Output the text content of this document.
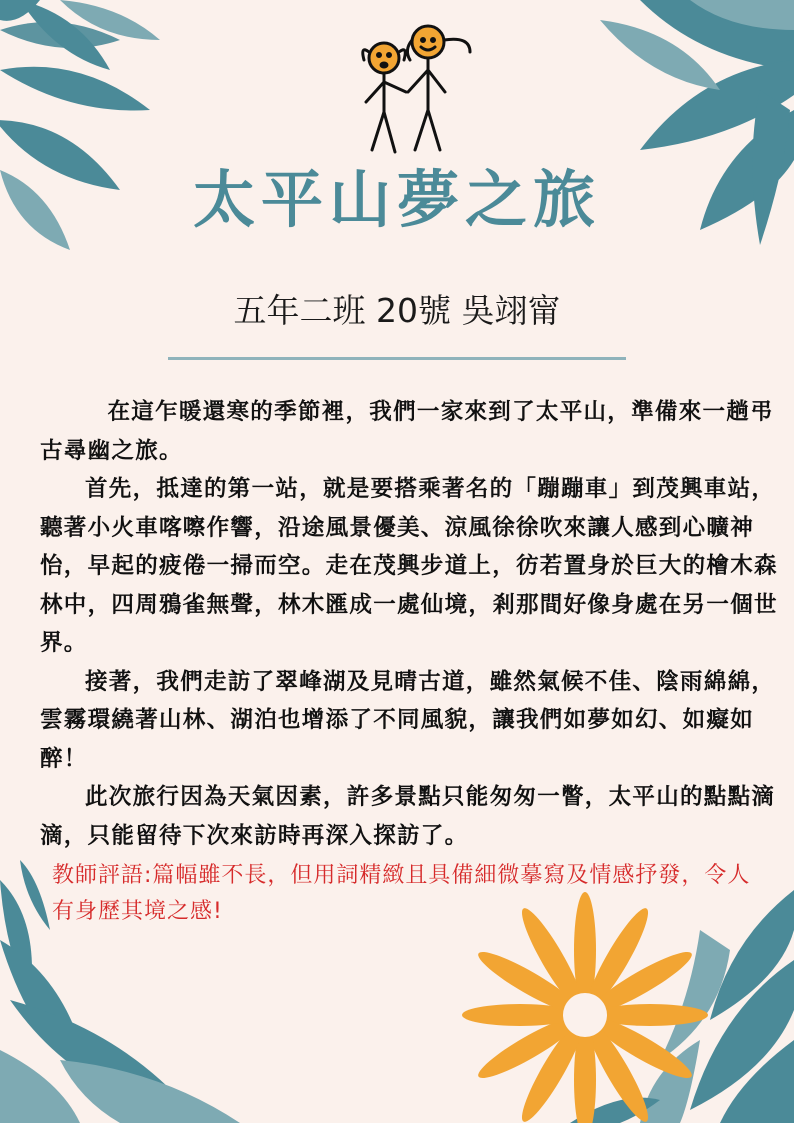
太平山夢之旅
五年二班 20號 吳翊甯

在這乍暖還寒的季節裡，我們一家來到了太平山，準備來一趟弔古尋幽之旅。

首先，抵達的第一站，就是要搭乘著名的「蹦蹦車」到茂興車站，聽著小火車喀嚓作響，沿途風景優美、涼風徐徐吹來讓人感到心曠神怡，早起的疲倦一掃而空。走在茂興步道上，彷若置身於巨大的檜木森林中，四周鴉雀無聲，林木匯成一處仙境，剎那間好像身處在另一個世界。

接著，我們走訪了翠峰湖及見晴古道，雖然氣候不佳、陰雨綿綿，雲霧環繞著山林、湖泊也增添了不同風貌，讓我們如夢如幻、如癡如醉！

此次旅行因為天氣因素，許多景點只能匆匆一瞥，太平山的點點滴滴，只能留待下次來訪時再深入探訪了。

教師評語:篇幅雖不長，但用詞精緻且具備細微摹寫及情感抒發，令人有身歷其境之感!
